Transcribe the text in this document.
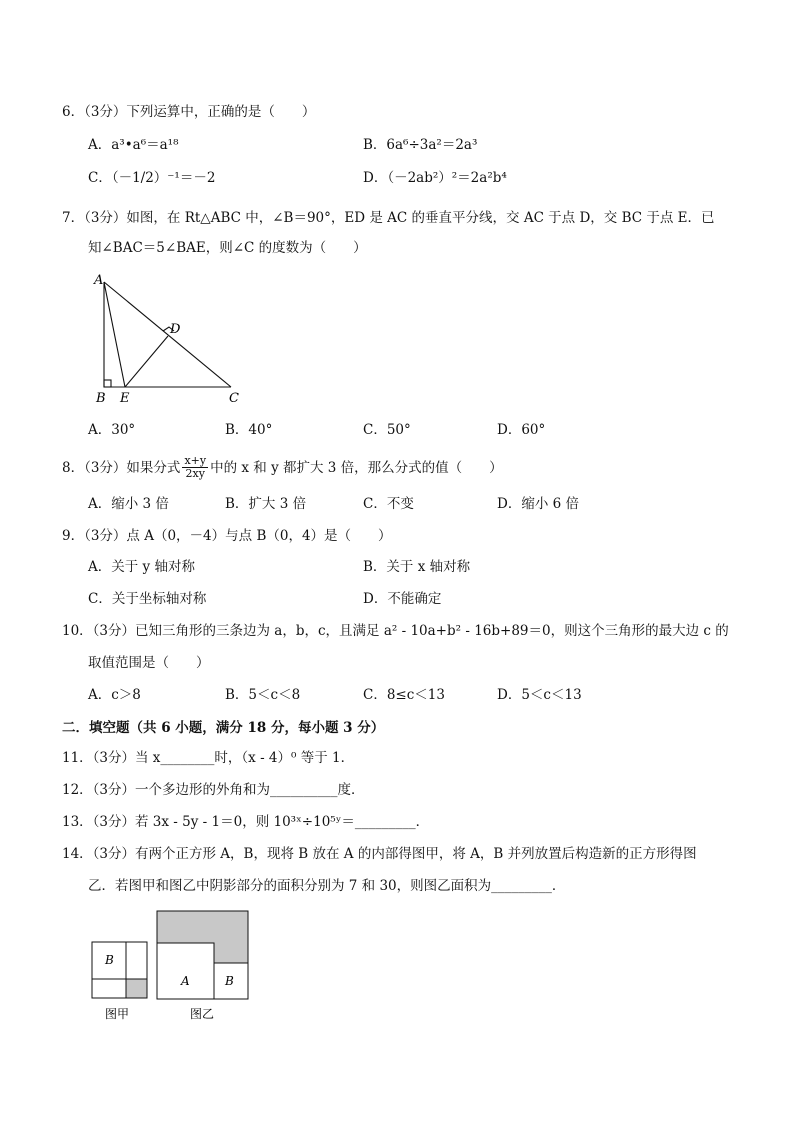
6．（3分）下列运算中，正确的是（　　）
A．a³•a⁶＝a¹⁸	B．6a⁶÷3a²＝2a³
C．（－1/2）⁻¹＝－2	D．（－2ab²）²＝2a²b⁴
7．（3分）如图，在 Rt△ABC 中，∠B＝90°，ED 是 AC 的垂直平分线，交 AC 于点 D，交 BC 于点 E．已
知∠BAC＝5∠BAE，则∠C 的度数为（　　）
A
B E	C
D
A．30°	B．40°	C．50°	D．60°
8．（3分）如果分式 $\frac{x+y}{2xy}$ 中的 x 和 y 都扩大 3 倍，那么分式的值（　　）
A．缩小 3 倍	B．扩大 3 倍	C．不变	D．缩小 6 倍
9．（3分）点 A（0，－4）与点 B（0，4）是（　　）
A．关于 y 轴对称	B．关于 x 轴对称
C．关于坐标轴对称	D．不能确定
10．（3分）已知三角形的三条边为 a，b，c，且满足 a² - 10a+b² - 16b+89＝0，则这个三角形的最大边 c 的
取值范围是（　　）
A．c＞8	B．5＜c＜8	C．8≤c＜13	D．5＜c＜13
二．填空题（共 6 小题，满分 18 分，每小题 3 分）
11．（3分）当 x________时，（x - 4）⁰ 等于 1．
12．（3分）一个多边形的外角和为__________度．
13．（3分）若 3x - 5y - 1＝0，则 10³ˣ÷10⁵ʸ＝_________．
14．（3分）有两个正方形 A，B，现将 B 放在 A 的内部得图甲，将 A，B 并列放置后构造新的正方形得图
乙．若图甲和图乙中阴影部分的面积分别为 7 和 30，则图乙面积为_________．
B
A	B
图甲	图乙
